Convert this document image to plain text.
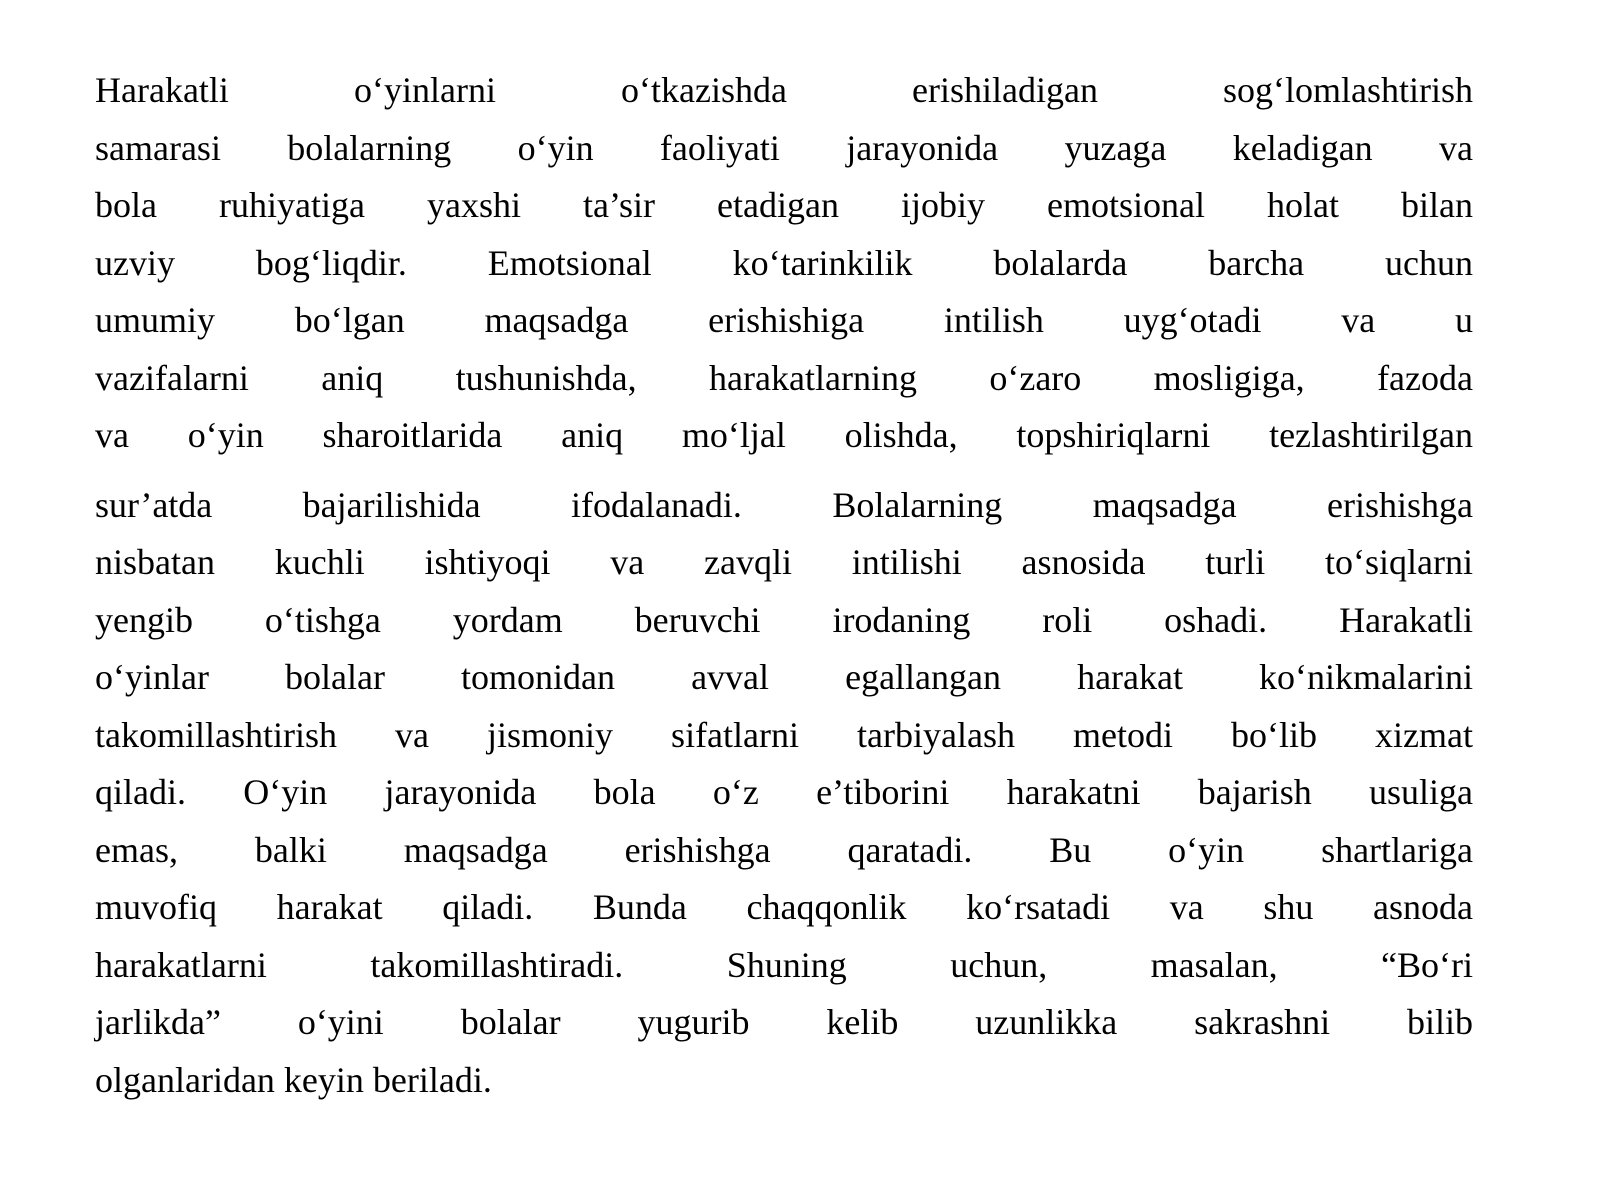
Harakatli o‘yinlarni o‘tkazishda erishiladigan sog‘lomlashtirish
samarasi bolalarning o‘yin faoliyati jarayonida yuzaga keladigan va
bola ruhiyatiga yaxshi ta’sir etadigan ijobiy emotsional holat bilan
uzviy bog‘liqdir. Emotsional ko‘tarinkilik bolalarda barcha uchun
umumiy bo‘lgan maqsadga erishishiga intilish uyg‘otadi va u
vazifalarni aniq tushunishda, harakatlarning o‘zaro mosligiga, fazoda
va o‘yin sharoitlarida aniq mo‘ljal olishda, topshiriqlarni tezlashtirilgan
sur’atda bajarilishida ifodalanadi. Bolalarning maqsadga erishishga
nisbatan kuchli ishtiyoqi va zavqli intilishi asnosida turli to‘siqlarni
yengib o‘tishga yordam beruvchi irodaning roli oshadi. Harakatli
o‘yinlar bolalar tomonidan avval egallangan harakat ko‘nikmalarini
takomillashtirish va jismoniy sifatlarni tarbiyalash metodi bo‘lib xizmat
qiladi. O‘yin jarayonida bola o‘z e’tiborini harakatni bajarish usuliga
emas, balki maqsadga erishishga qaratadi. Bu o‘yin shartlariga
muvofiq harakat qiladi. Bunda chaqqonlik ko‘rsatadi va shu asnoda
harakatlarni takomillashtiradi. Shuning uchun, masalan, “Bo‘ri
jarlikda” o‘yini bolalar yugurib kelib uzunlikka sakrashni bilib
olganlaridan keyin beriladi.
